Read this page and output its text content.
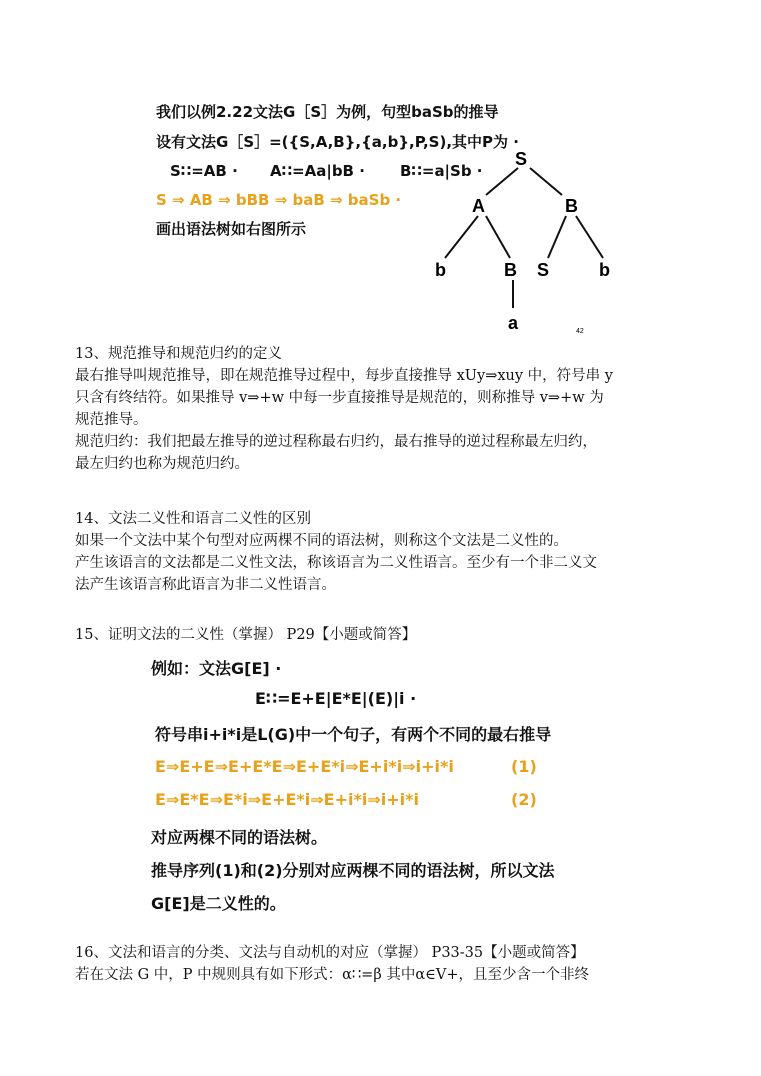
我们以例2.22文法G［S］为例，句型baSb的推导
设有文法G［S］=({S,A,B},{a,b},P,S),其中P为 ·
S∷=AB · A∷=Aa|bB · B∷=a|Sb ·
S ⇒ AB ⇒ bBB ⇒ baB ⇒ baSb ·
画出语法树如右图所示
S
A	B
b	B S	b
a	42
13、规范推导和规范归约的定义
最右推导叫规范推导，即在规范推导过程中，每步直接推导 xUy⇒xuy 中，符号串 y
只含有终结符。如果推导 v⇒+w 中每一步直接推导是规范的，则称推导 v⇒+w 为
规范推导。
规范归约：我们把最左推导的逆过程称最右归约，最右推导的逆过程称最左归约，
最左归约也称为规范归约。
14、文法二义性和语言二义性的区别
如果一个文法中某个句型对应两棵不同的语法树，则称这个文法是二义性的。
产生该语言的文法都是二义性文法，称该语言为二义性语言。至少有一个非二义文
法产生该语言称此语言为非二义性语言。
15、证明文法的二义性（掌握） P29【小题或简答】
例如：文法G[E] ·
E∷=E+E|E*E|(E)|i ·
符号串i+i*i是L(G)中一个句子，有两个不同的最右推导
E⇒E+E⇒E+E*E⇒E+E*i⇒E+i*i⇒i+i*i	(1)
E⇒E*E⇒E*i⇒E+E*i⇒E+i*i⇒i+i*i	(2)
对应两棵不同的语法树。
推导序列(1)和(2)分别对应两棵不同的语法树，所以文法
G[E]是二义性的。
16、文法和语言的分类、文法与自动机的对应（掌握） P33-35【小题或简答】
若在文法 G 中，P 中规则具有如下形式：α∷=β 其中α∈V+，且至少含一个非终
